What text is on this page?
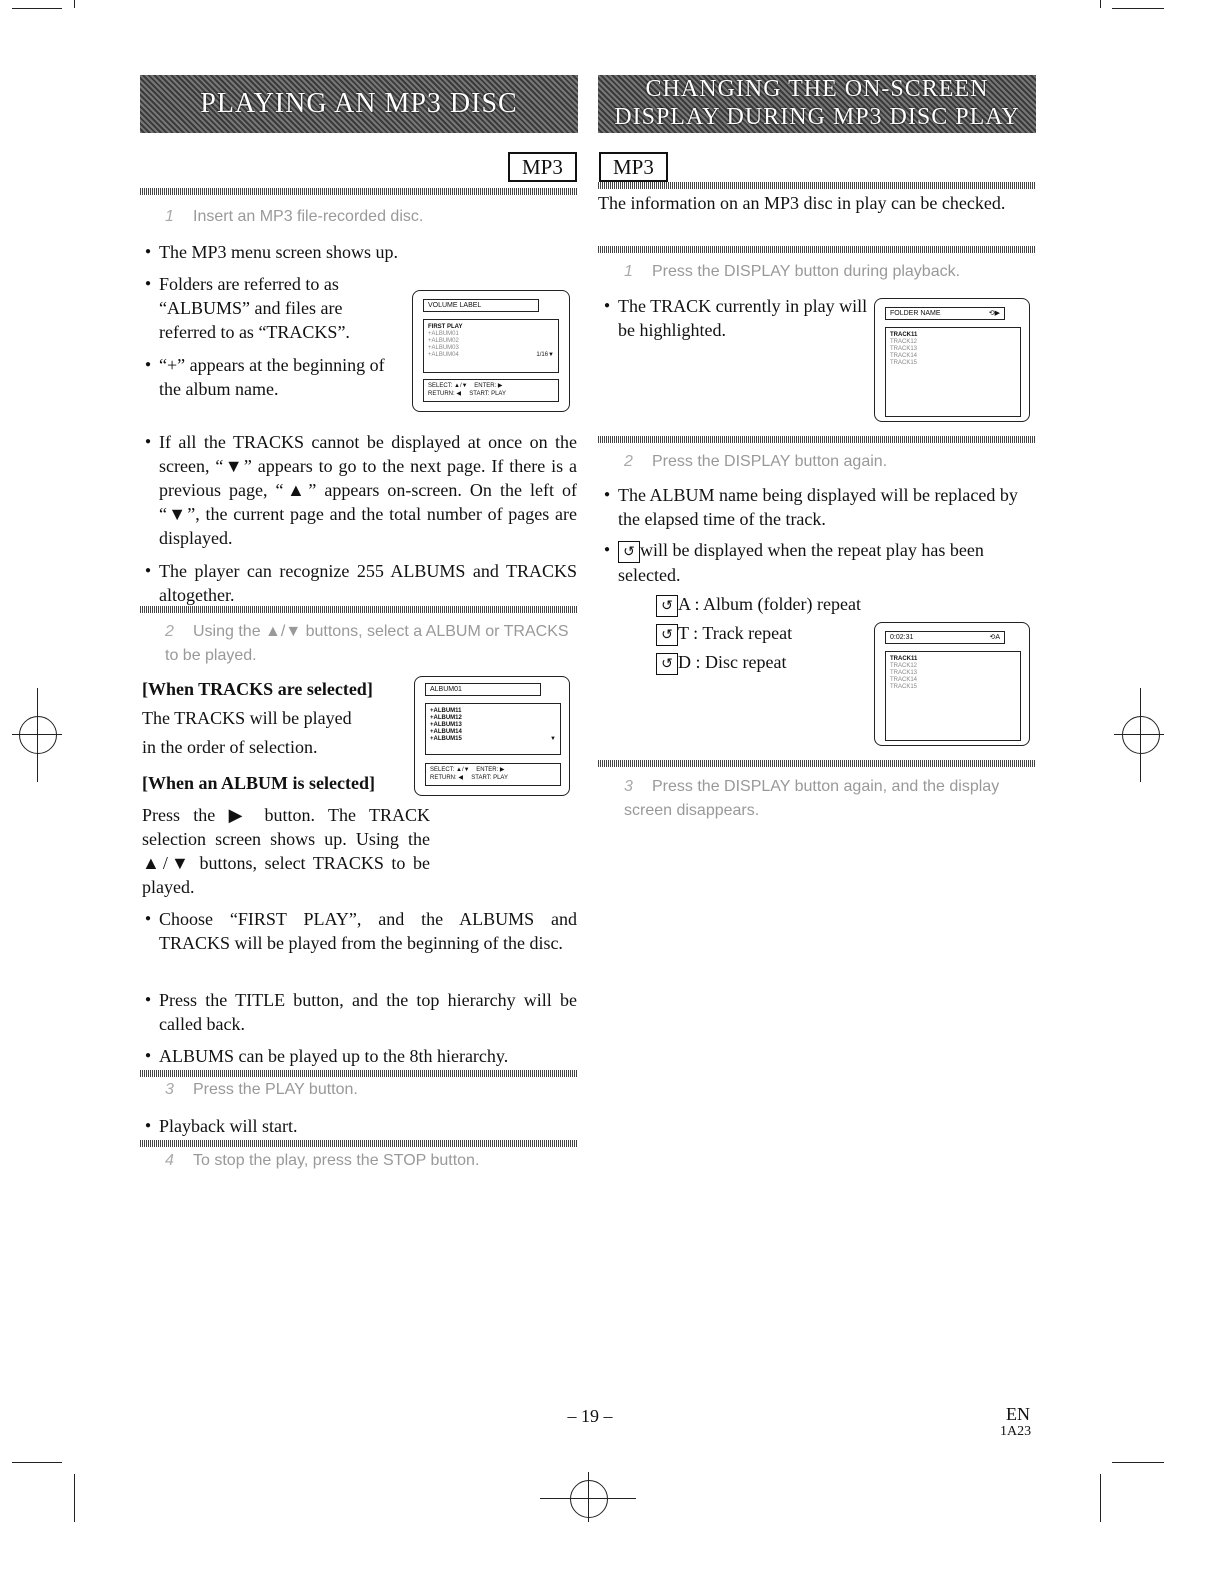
PLAYING AN MP3 DISC
MP3
1 Insert an MP3 file-recorded disc.
● The MP3 menu screen shows up.
● Folders are referred to as “ALBUMS” and files are referred to as “TRACKS”.
● “+” appears at the beginning of the album name.
VOLUME LABEL
FIRST PLAY
+ALBUM01
+ALBUM02
+ALBUM03
+ALBUM04	1/16▼
SELECT: ▲/▼ ENTER: ▶
RETURN: ◀ START: PLAY
● If all the TRACKS cannot be displayed at once on the screen, “▼” appears to go to the next page. If there is a previous page, “▲” appears on-screen. On the left of “▼”, the current page and the total number of pages are displayed.
● The player can recognize 255 ALBUMS and TRACKS altogether.
2 Using the ▲/▼ buttons, select a ALBUM or TRACKS to be played.
[When TRACKS are selected]
The TRACKS will be played
in the order of selection.
[When an ALBUM is selected]
Press the ▶ button. The TRACK selection screen shows up. Using the ▲/▼ buttons, select TRACKS to be played.
ALBUM01
+ALBUM11
+ALBUM12
+ALBUM13
+ALBUM14
+ALBUM15	▼
SELECT: ▲/▼ ENTER: ▶
RETURN: ◀ START: PLAY
● Choose “FIRST PLAY”, and the ALBUMS and TRACKS will be played from the beginning of the disc.
● Press the TITLE button, and the top hierarchy will be called back.
● ALBUMS can be played up to the 8th hierarchy.
3 Press the PLAY button.
● Playback will start.
4 To stop the play, press the STOP button.
CHANGING THE ON-SCREEN
DISPLAY DURING MP3 DISC PLAY
MP3
The information on an MP3 disc in play can be checked.
1 Press the DISPLAY button during playback.
● The TRACK currently in play will be highlighted.
FOLDER NAME	⟲▶
TRACK11
TRACK12
TRACK13
TRACK14
TRACK15
2 Press the DISPLAY button again.
● The ALBUM name being displayed will be replaced by the elapsed time of the track.
● ↺ will be displayed when the repeat play has been selected.
↺ A : Album (folder) repeat
↺ T : Track repeat
↺ D : Disc repeat
0:02:31	⟲A
TRACK11
TRACK12
TRACK13
TRACK14
TRACK15
3 Press the DISPLAY button again, and the display screen disappears.
– 19 –	EN
1A23
